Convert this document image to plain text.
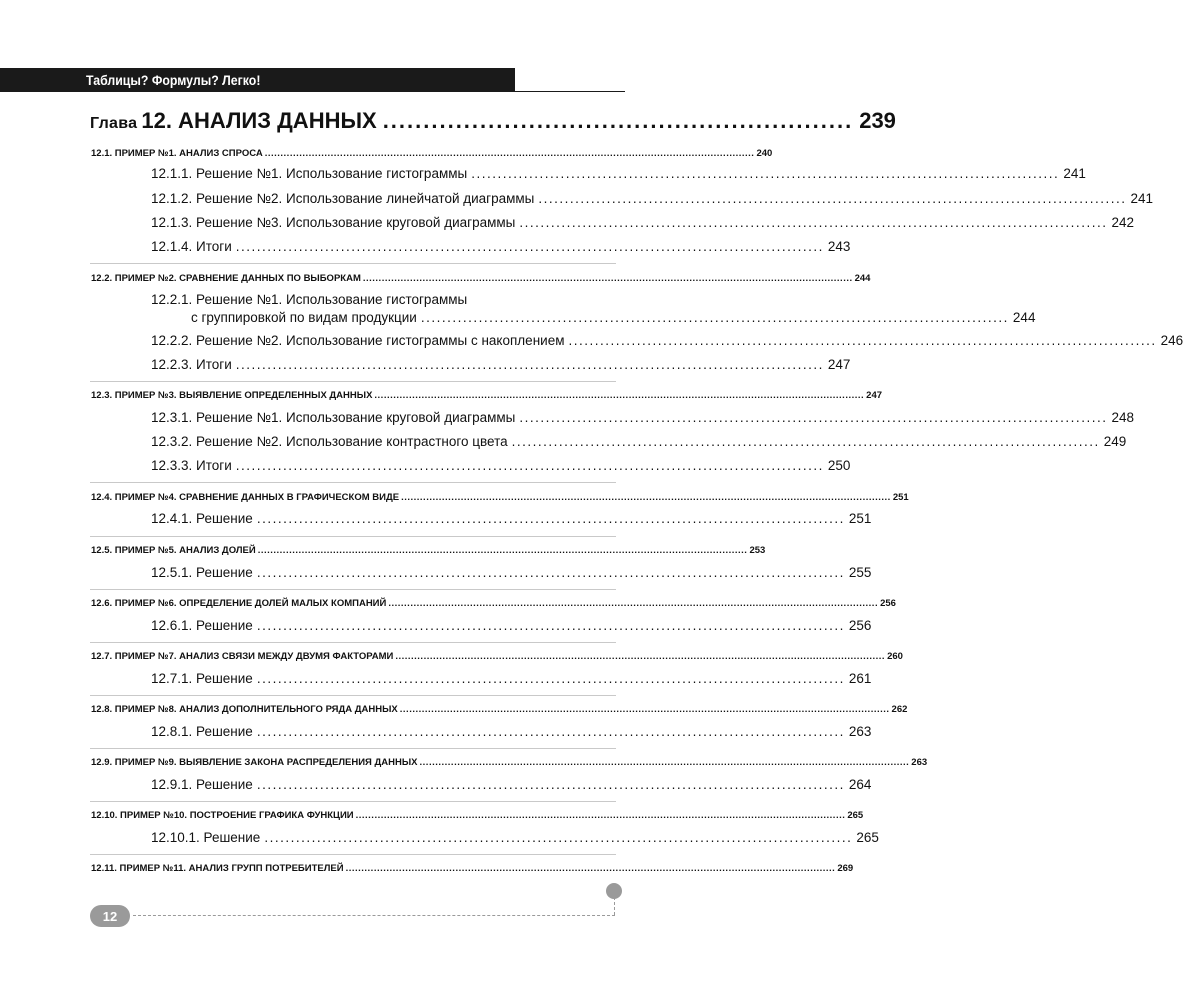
Таблицы? Формулы? Легко!
Глава 12. АНАЛИЗ ДАННЫХ .......................................................... 239
12.1. ПРИМЕР №1. АНАЛИЗ СПРОСА ............................................................................................................................................................ 240
12.1.1. Решение №1. Использование гистограммы ................................................................................................................ 241
12.1.2. Решение №2. Использование линейчатой диаграммы ................................................................................................................ 241
12.1.3. Решение №3. Использование круговой диаграммы ................................................................................................................ 242
12.1.4. Итоги ................................................................................................................ 243
12.2. ПРИМЕР №2. СРАВНЕНИЕ ДАННЫХ ПО ВЫБОРКАМ ............................................................................................................................................................ 244
12.2.1. Решение №1. Использование гистограммы
с группировкой по видам продукции ................................................................................................................ 244
12.2.2. Решение №2. Использование гистограммы с накоплением ................................................................................................................ 246
12.2.3. Итоги ................................................................................................................ 247
12.3. ПРИМЕР №3. ВЫЯВЛЕНИЕ ОПРЕДЕЛЕННЫХ ДАННЫХ ............................................................................................................................................................ 247
12.3.1. Решение №1. Использование круговой диаграммы ................................................................................................................ 248
12.3.2. Решение №2. Использование контрастного цвета ................................................................................................................ 249
12.3.3. Итоги ................................................................................................................ 250
12.4. ПРИМЕР №4. СРАВНЕНИЕ ДАННЫХ В ГРАФИЧЕСКОМ ВИДЕ ............................................................................................................................................................ 251
12.4.1. Решение ................................................................................................................ 251
12.5. ПРИМЕР №5. АНАЛИЗ ДОЛЕЙ ............................................................................................................................................................ 253
12.5.1. Решение ................................................................................................................ 255
12.6. ПРИМЕР №6. ОПРЕДЕЛЕНИЕ ДОЛЕЙ МАЛЫХ КОМПАНИЙ ............................................................................................................................................................ 256
12.6.1. Решение ................................................................................................................ 256
12.7. ПРИМЕР №7. АНАЛИЗ СВЯЗИ МЕЖДУ ДВУМЯ ФАКТОРАМИ ............................................................................................................................................................ 260
12.7.1. Решение ................................................................................................................ 261
12.8. ПРИМЕР №8. АНАЛИЗ ДОПОЛНИТЕЛЬНОГО РЯДА ДАННЫХ ............................................................................................................................................................ 262
12.8.1. Решение ................................................................................................................ 263
12.9. ПРИМЕР №9. ВЫЯВЛЕНИЕ ЗАКОНА РАСПРЕДЕЛЕНИЯ ДАННЫХ ............................................................................................................................................................ 263
12.9.1. Решение ................................................................................................................ 264
12.10. ПРИМЕР №10. ПОСТРОЕНИЕ ГРАФИКА ФУНКЦИИ ............................................................................................................................................................ 265
12.10.1. Решение ................................................................................................................ 265
12.11. ПРИМЕР №11. АНАЛИЗ ГРУПП ПОТРЕБИТЕЛЕЙ ............................................................................................................................................................ 269
12
